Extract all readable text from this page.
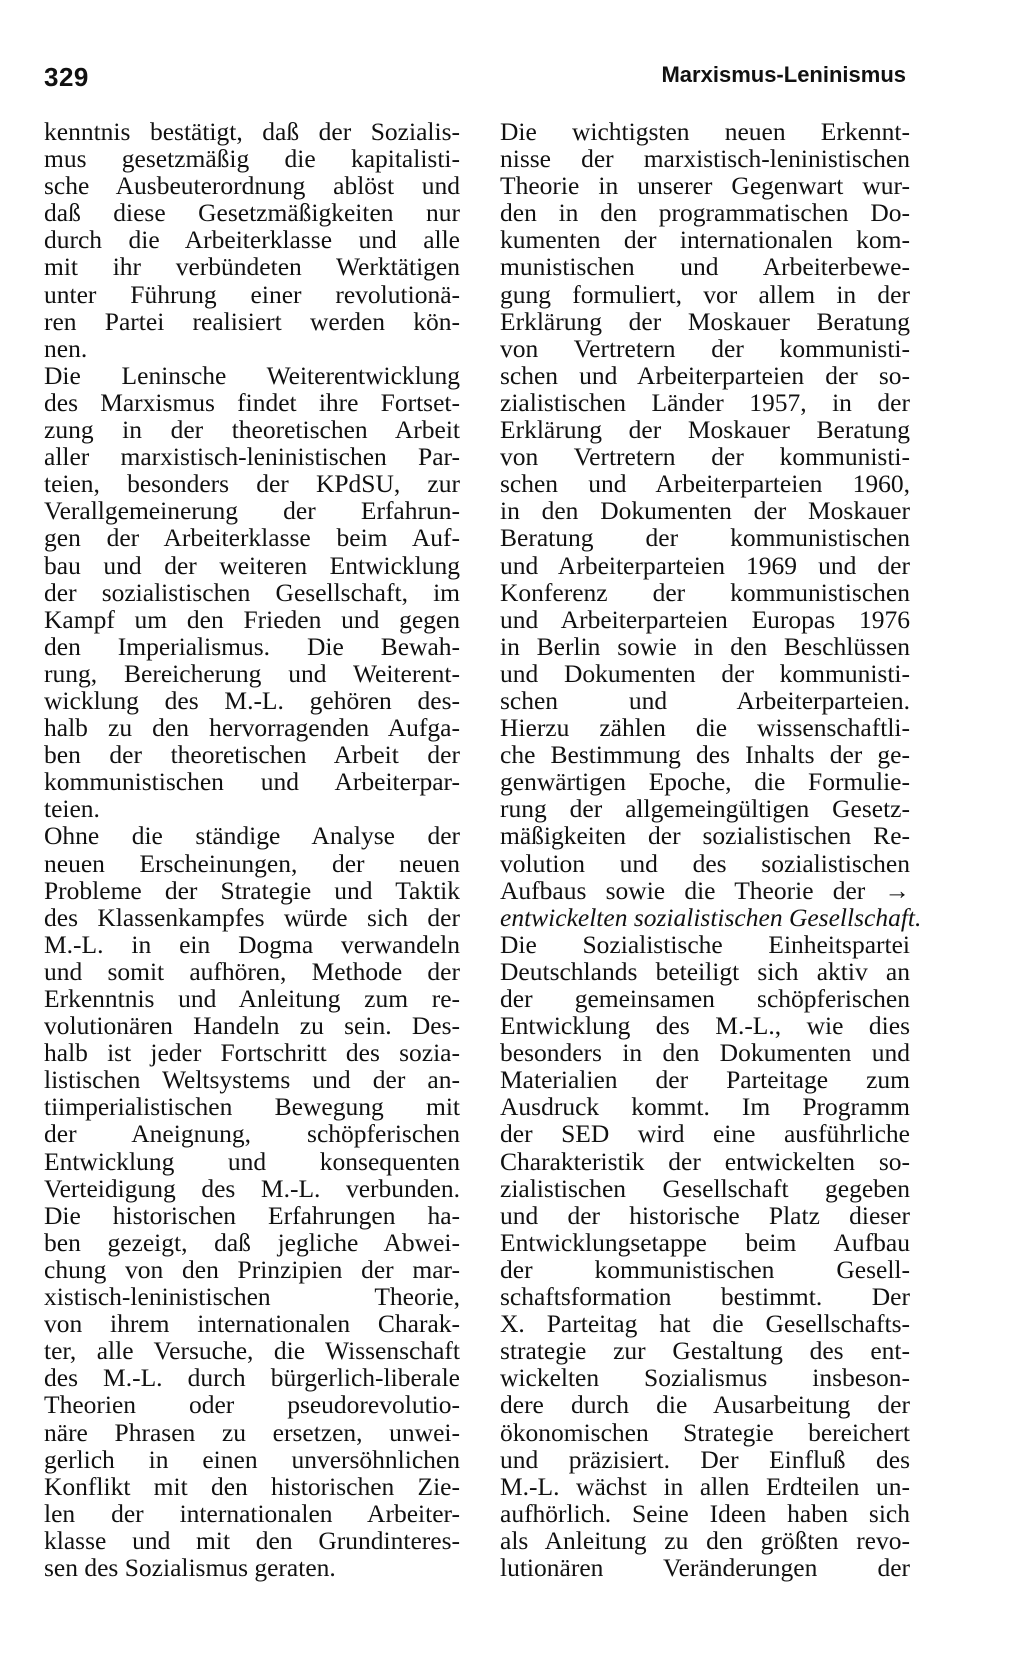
329	Marxismus-Leninismus
kenntnis bestätigt, daß der Sozialis-
mus gesetzmäßig die kapitalisti-
sche Ausbeuterordnung ablöst und
daß diese Gesetzmäßigkeiten nur
durch die Arbeiterklasse und alle
mit ihr verbündeten Werktätigen
unter Führung einer revolutionä-
ren Partei realisiert werden kön-
nen.
Die Leninsche Weiterentwicklung
des Marxismus findet ihre Fortset-
zung in der theoretischen Arbeit
aller marxistisch-leninistischen Par-
teien, besonders der KPdSU, zur
Verallgemeinerung der Erfahrun-
gen der Arbeiterklasse beim Auf-
bau und der weiteren Entwicklung
der sozialistischen Gesellschaft, im
Kampf um den Frieden und gegen
den Imperialismus. Die Bewah-
rung, Bereicherung und Weiterent-
wicklung des M.-L. gehören des-
halb zu den hervorragenden Aufga-
ben der theoretischen Arbeit der
kommunistischen und Arbeiterpar-
teien.
Ohne die ständige Analyse der
neuen Erscheinungen, der neuen
Probleme der Strategie und Taktik
des Klassenkampfes würde sich der
M.-L. in ein Dogma verwandeln
und somit aufhören, Methode der
Erkenntnis und Anleitung zum re-
volutionären Handeln zu sein. Des-
halb ist jeder Fortschritt des sozia-
listischen Weltsystems und der an-
tiimperialistischen Bewegung mit
der Aneignung, schöpferischen
Entwicklung und konsequenten
Verteidigung des M.-L. verbunden.
Die historischen Erfahrungen ha-
ben gezeigt, daß jegliche Abwei-
chung von den Prinzipien der mar-
xistisch-leninistischen Theorie,
von ihrem internationalen Charak-
ter, alle Versuche, die Wissenschaft
des M.-L. durch bürgerlich-liberale
Theorien oder pseudorevolutio-
näre Phrasen zu ersetzen, unwei-
gerlich in einen unversöhnlichen
Konflikt mit den historischen Zie-
len der internationalen Arbeiter-
klasse und mit den Grundinteres-
sen des Sozialismus geraten.
Die wichtigsten neuen Erkennt-
nisse der marxistisch-leninistischen
Theorie in unserer Gegenwart wur-
den in den programmatischen Do-
kumenten der internationalen kom-
munistischen und Arbeiterbewe-
gung formuliert, vor allem in der
Erklärung der Moskauer Beratung
von Vertretern der kommunisti-
schen und Arbeiterparteien der so-
zialistischen Länder 1957, in der
Erklärung der Moskauer Beratung
von Vertretern der kommunisti-
schen und Arbeiterparteien 1960,
in den Dokumenten der Moskauer
Beratung der kommunistischen
und Arbeiterparteien 1969 und der
Konferenz der kommunistischen
und Arbeiterparteien Europas 1976
in Berlin sowie in den Beschlüssen
und Dokumenten der kommunisti-
schen und Arbeiterparteien.
Hierzu zählen die wissenschaftli-
che Bestimmung des Inhalts der ge-
genwärtigen Epoche, die Formulie-
rung der allgemeingültigen Gesetz-
mäßigkeiten der sozialistischen Re-
volution und des sozialistischen
Aufbaus sowie die Theorie der →
entwickelten sozialistischen Gesellschaft.
Die Sozialistische Einheitspartei
Deutschlands beteiligt sich aktiv an
der gemeinsamen schöpferischen
Entwicklung des M.-L., wie dies
besonders in den Dokumenten und
Materialien der Parteitage zum
Ausdruck kommt. Im Programm
der SED wird eine ausführliche
Charakteristik der entwickelten so-
zialistischen Gesellschaft gegeben
und der historische Platz dieser
Entwicklungsetappe beim Aufbau
der kommunistischen Gesell-
schaftsformation bestimmt. Der
X. Parteitag hat die Gesellschafts-
strategie zur Gestaltung des ent-
wickelten Sozialismus insbeson-
dere durch die Ausarbeitung der
ökonomischen Strategie bereichert
und präzisiert. Der Einfluß des
M.-L. wächst in allen Erdteilen un-
aufhörlich. Seine Ideen haben sich
als Anleitung zu den größten revo-
lutionären Veränderungen der
